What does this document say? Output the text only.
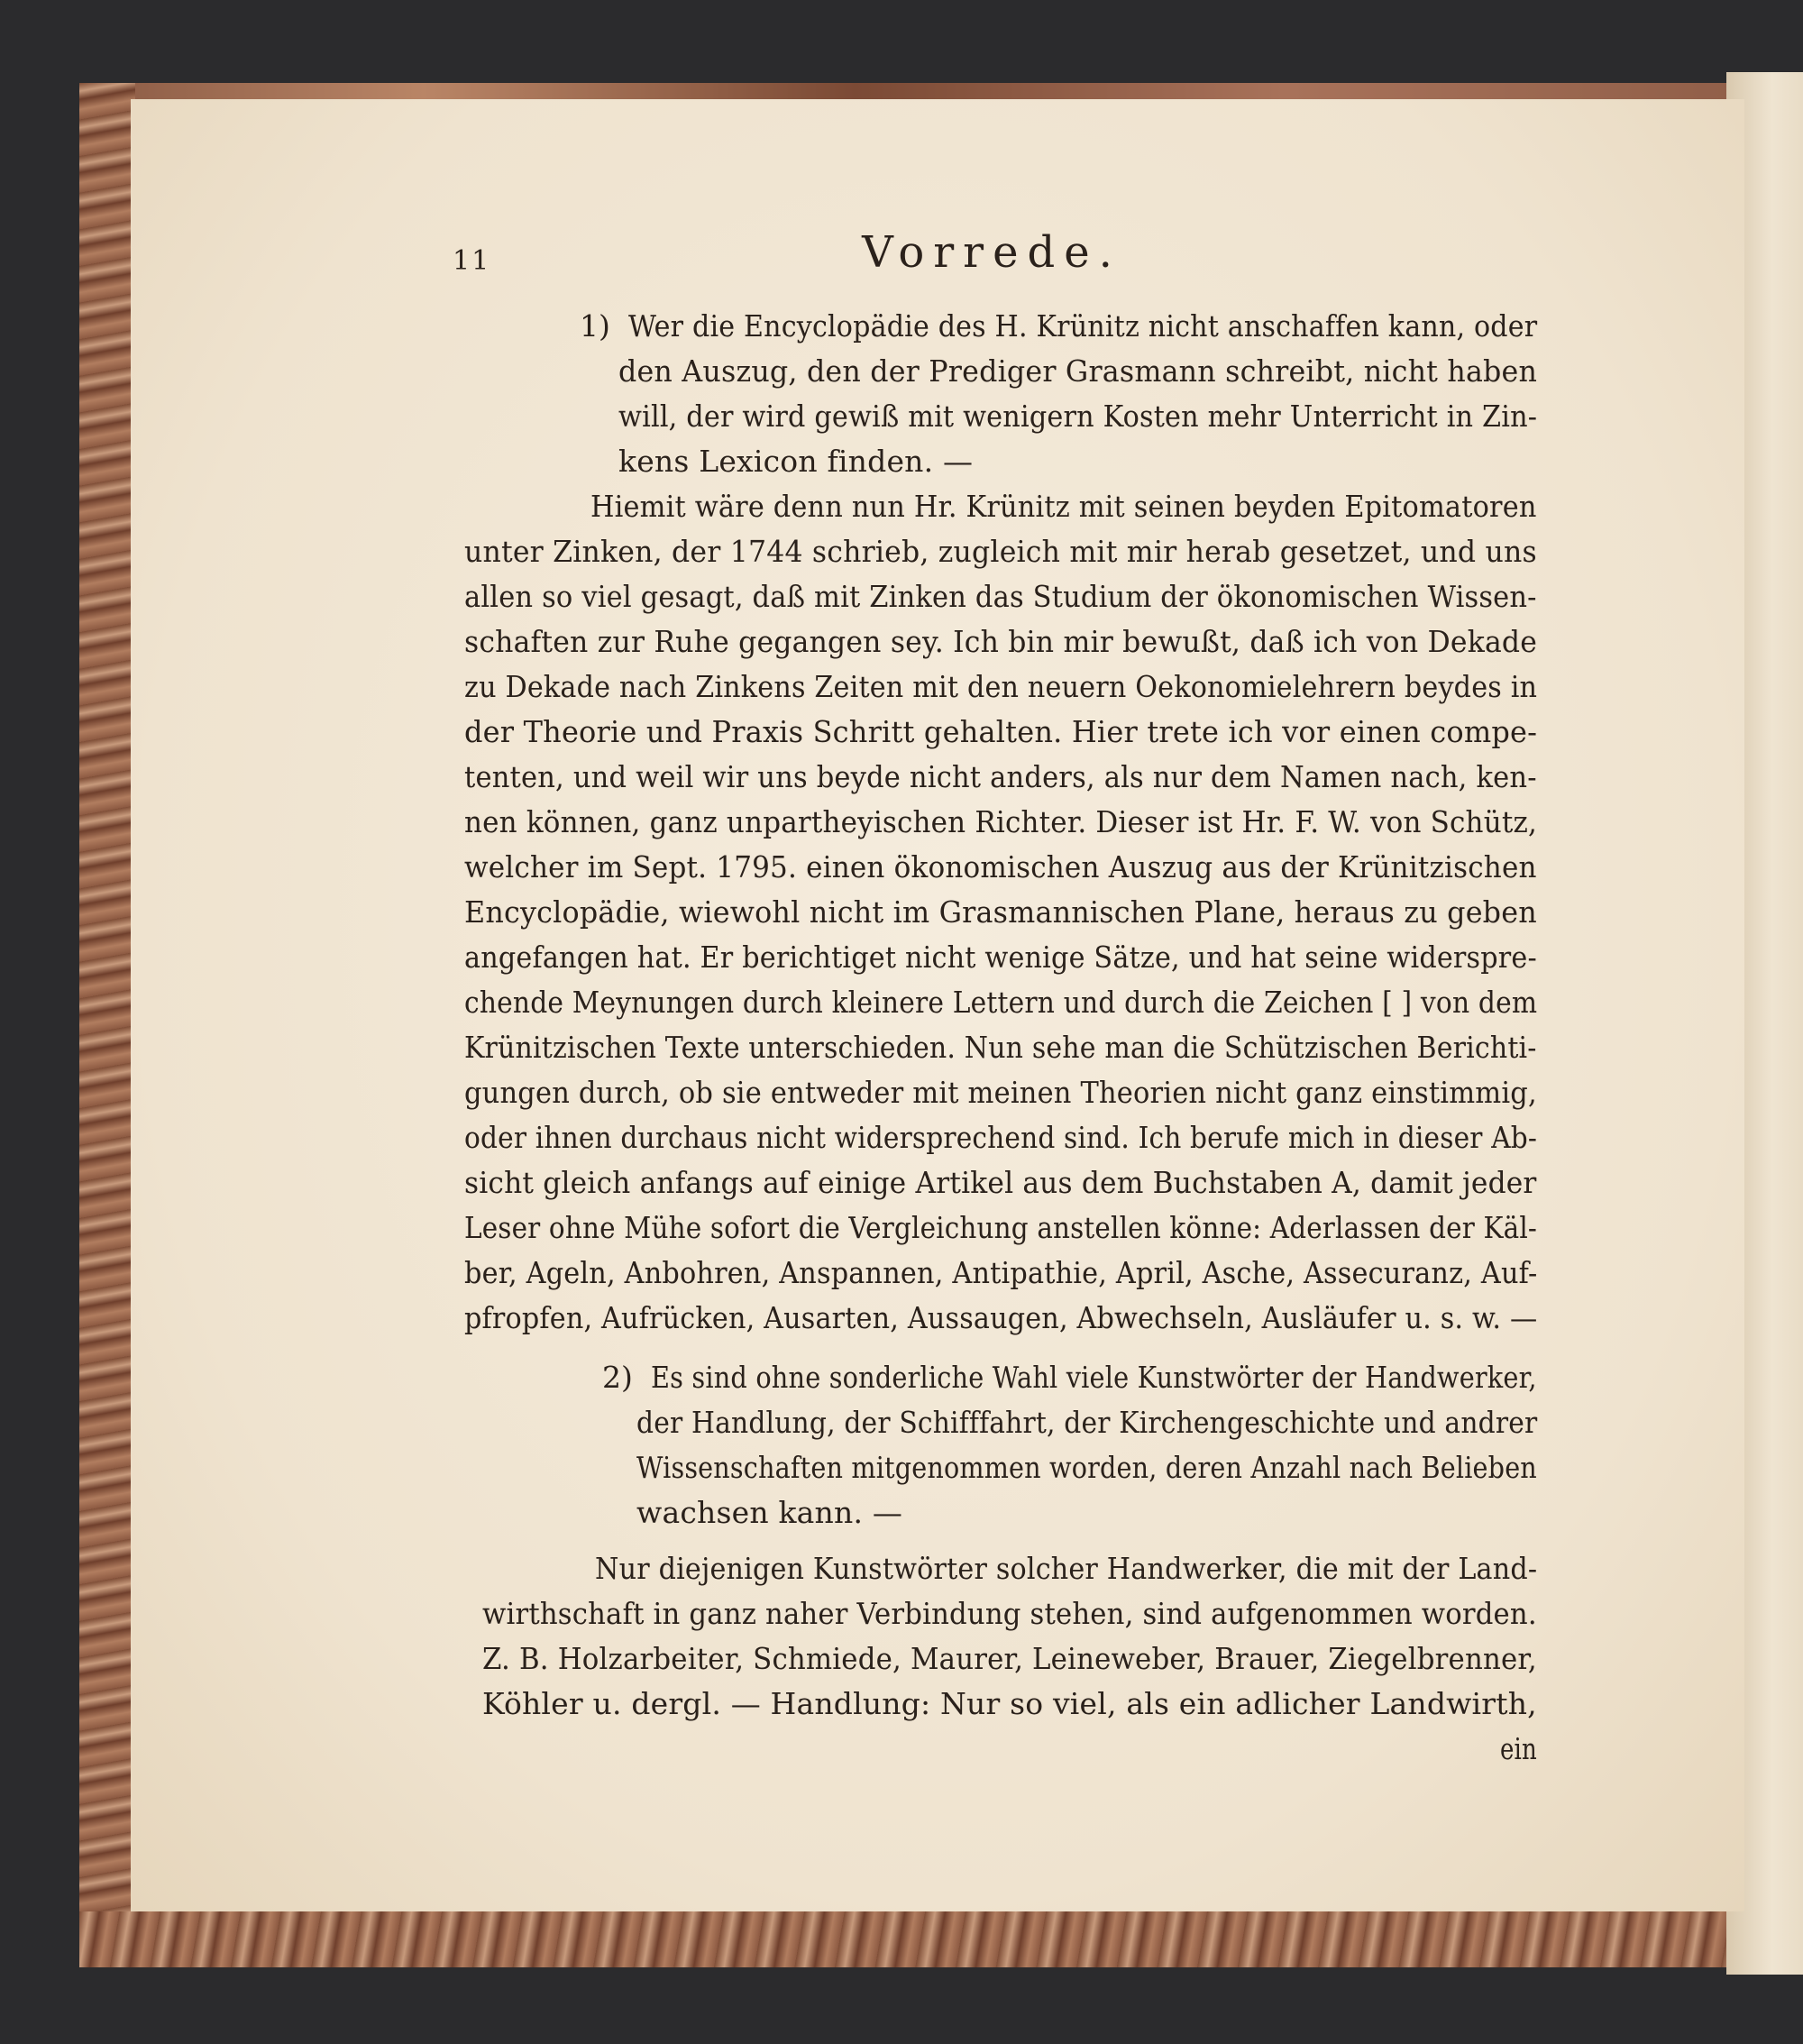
11	Vorrede.
1) Wer die Encyclopädie des H. Krünitz nicht anschaffen kann, oder
den Auszug, den der Prediger Grasmann schreibt, nicht haben
will, der wird gewiß mit wenigern Kosten mehr Unterricht in Zin-
kens Lexicon finden. —
Hiemit wäre denn nun Hr. Krünitz mit seinen beyden Epitomatoren
unter Zinken, der 1744 schrieb, zugleich mit mir herab gesetzet, und uns
allen so viel gesagt, daß mit Zinken das Studium der ökonomischen Wissen-
schaften zur Ruhe gegangen sey. Ich bin mir bewußt, daß ich von Dekade
zu Dekade nach Zinkens Zeiten mit den neuern Oekonomielehrern beydes in
der Theorie und Praxis Schritt gehalten. Hier trete ich vor einen compe-
tenten, und weil wir uns beyde nicht anders, als nur dem Namen nach, ken-
nen können, ganz unpartheyischen Richter. Dieser ist Hr. F. W. von Schütz,
welcher im Sept. 1795. einen ökonomischen Auszug aus der Krünitzischen
Encyclopädie, wiewohl nicht im Grasmannischen Plane, heraus zu geben
angefangen hat. Er berichtiget nicht wenige Sätze, und hat seine widerspre-
chende Meynungen durch kleinere Lettern und durch die Zeichen [ ] von dem
Krünitzischen Texte unterschieden. Nun sehe man die Schützischen Berichti-
gungen durch, ob sie entweder mit meinen Theorien nicht ganz einstimmig,
oder ihnen durchaus nicht widersprechend sind. Ich berufe mich in dieser Ab-
sicht gleich anfangs auf einige Artikel aus dem Buchstaben A, damit jeder
Leser ohne Mühe sofort die Vergleichung anstellen könne: Aderlassen der Käl-
ber, Ageln, Anbohren, Anspannen, Antipathie, April, Asche, Assecuranz, Auf-
pfropfen, Aufrücken, Ausarten, Aussaugen, Abwechseln, Ausläufer u. s. w. —
2) Es sind ohne sonderliche Wahl viele Kunstwörter der Handwerker,
der Handlung, der Schifffahrt, der Kirchengeschichte und andrer
Wissenschaften mitgenommen worden, deren Anzahl nach Belieben
wachsen kann. —
Nur diejenigen Kunstwörter solcher Handwerker, die mit der Land-
wirthschaft in ganz naher Verbindung stehen, sind aufgenommen worden.
Z. B. Holzarbeiter, Schmiede, Maurer, Leineweber, Brauer, Ziegelbrenner,
Köhler u. dergl. — Handlung: Nur so viel, als ein adlicher Landwirth,
ein
